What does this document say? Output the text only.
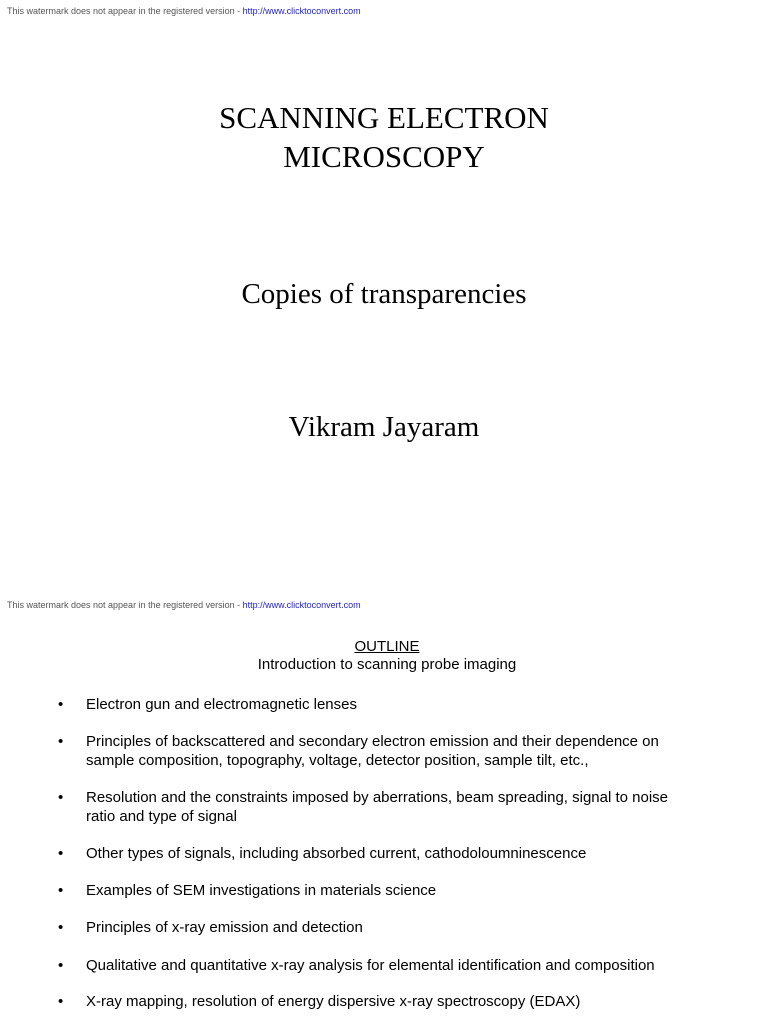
This watermark does not appear in the registered version - http://www.clicktoconvert.com
SCANNING ELECTRON
MICROSCOPY
Copies of transparencies
Vikram Jayaram
This watermark does not appear in the registered version - http://www.clicktoconvert.com
OUTLINE
Introduction to scanning probe imaging
• Electron gun and electromagnetic lenses
• Principles of backscattered and secondary electron emission and their dependence on sample composition, topography, voltage, detector position, sample tilt, etc.,
• Resolution and the constraints imposed by aberrations, beam spreading, signal to noise ratio and type of signal
• Other types of signals, including absorbed current, cathodoloumninescence
• Examples of SEM investigations in materials science
• Principles of x-ray emission and detection
• Qualitative and quantitative x-ray analysis for elemental identification and composition
• X-ray mapping, resolution of energy dispersive x-ray spectroscopy (EDAX)
